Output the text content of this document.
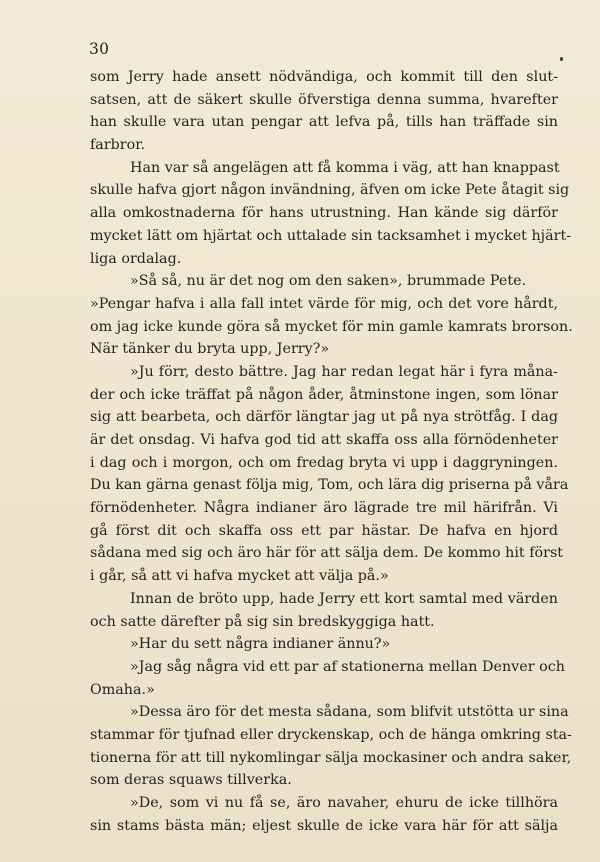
30
som Jerry hade ansett nödvändiga, och kommit till den slut-
satsen, att de säkert skulle öfverstiga denna summa, hvarefter
han skulle vara utan pengar att lefva på, tills han träffade sin
farbror.
Han var så angelägen att få komma i väg, att han knappast
skulle hafva gjort någon invändning, äfven om icke Pete åtagit sig
alla omkostnaderna för hans utrustning. Han kände sig därför
mycket lätt om hjärtat och uttalade sin tacksamhet i mycket hjärt-
liga ordalag.
»Så så, nu är det nog om den saken», brummade Pete.
»Pengar hafva i alla fall intet värde för mig, och det vore hårdt,
om jag icke kunde göra så mycket för min gamle kamrats brorson.
När tänker du bryta upp, Jerry?»
»Ju förr, desto bättre. Jag har redan legat här i fyra måna-
der och icke träffat på någon åder, åtminstone ingen, som lönar
sig att bearbeta, och därför längtar jag ut på nya strötfåg. I dag
är det onsdag. Vi hafva god tid att skaffa oss alla förnödenheter
i dag och i morgon, och om fredag bryta vi upp i daggryningen.
Du kan gärna genast följa mig, Tom, och lära dig priserna på våra
förnödenheter. Några indianer äro lägrade tre mil härifrån. Vi
gå först dit och skaffa oss ett par hästar. De hafva en hjord
sådana med sig och äro här för att sälja dem. De kommo hit först
i går, så att vi hafva mycket att välja på.»
Innan de bröto upp, hade Jerry ett kort samtal med värden
och satte därefter på sig sin bredskyggiga hatt.
»Har du sett några indianer ännu?»
»Jag såg några vid ett par af stationerna mellan Denver och
Omaha.»
»Dessa äro för det mesta sådana, som blifvit utstötta ur sina
stammar för tjufnad eller dryckenskap, och de hänga omkring sta-
tionerna för att till nykomlingar sälja mockasiner och andra saker,
som deras squaws tillverka.
»De, som vi nu få se, äro navaher, ehuru de icke tillhöra
sin stams bästa män; eljest skulle de icke vara här för att sälja
